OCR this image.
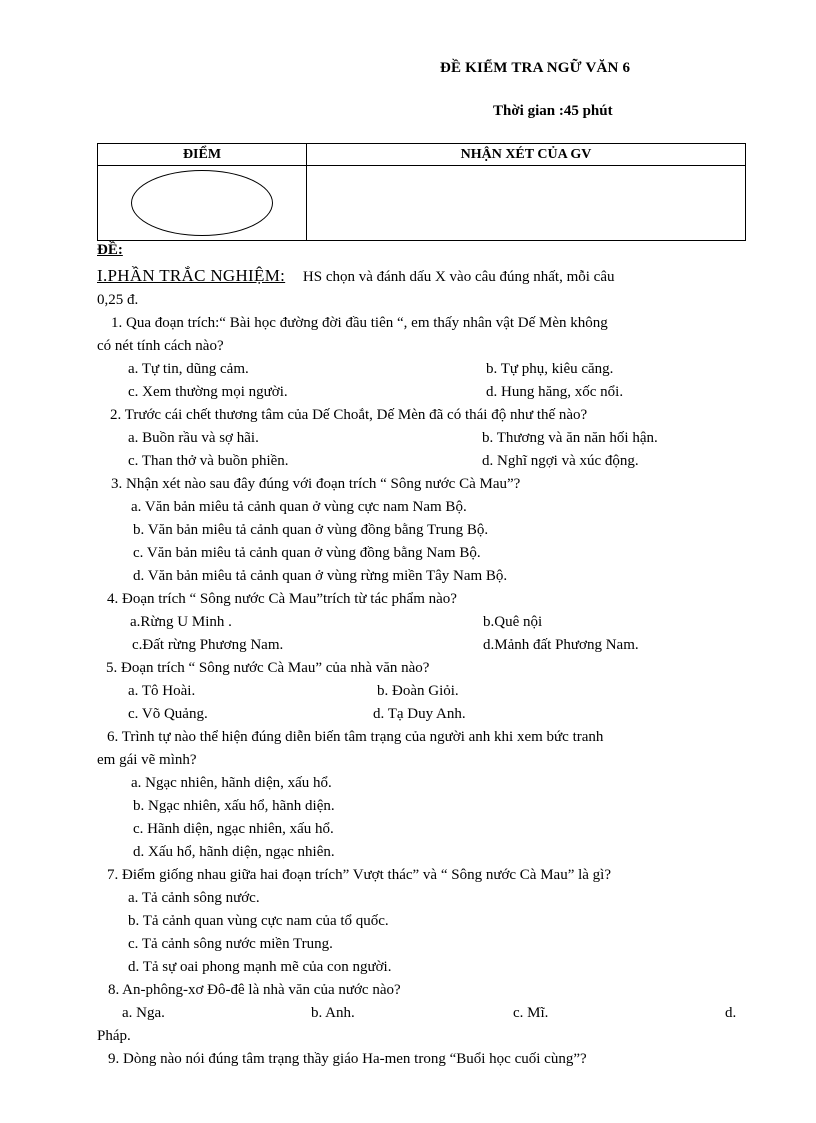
ĐỀ KIỂM TRA NGỮ VĂN 6
Thời gian :45 phút
ĐIỂM	NHẬN XÉT CỦA GV

ĐỀ:
I.PHẦN TRẮC NGHIỆM: HS chọn và đánh dấu X vào câu đúng nhất, mỗi câu
0,25 đ.
1. Qua đoạn trích:“ Bài học đường đời đầu tiên “, em thấy nhân vật Dế Mèn không
có nét tính cách nào?
a. Tự tin, dũng cảm.	b. Tự phụ, kiêu căng.
c. Xem thường mọi người.	d. Hung hăng, xốc nổi.
2. Trước cái chết thương tâm của Dế Choắt, Dế Mèn đã có thái độ như thế nào?
a. Buồn rầu và sợ hãi.	b. Thương và ăn năn hối hận.
c. Than thở và buồn phiền.	d. Nghĩ ngợi và xúc động.
3. Nhận xét nào sau đây đúng với đoạn trích “ Sông nước Cà Mau”?
a. Văn bản miêu tả cảnh quan ở vùng cực nam Nam Bộ.
b. Văn bản miêu tả cảnh quan ở vùng đồng bằng Trung Bộ.
c. Văn bản miêu tả cảnh quan ở vùng đồng bằng Nam Bộ.
d. Văn bản miêu tả cảnh quan ở vùng rừng miền Tây Nam Bộ.
4. Đoạn trích “ Sông nước Cà Mau”trích từ tác phẩm nào?
a.Rừng U Minh .	b.Quê nội
c.Đất rừng Phương Nam.	d.Mảnh đất Phương Nam.
5. Đoạn trích “ Sông nước Cà Mau” của nhà văn nào?
a. Tô Hoài.	b. Đoàn Giỏi.
c. Võ Quảng.	d. Tạ Duy Anh.
6. Trình tự nào thể hiện đúng diễn biến tâm trạng của người anh khi xem bức tranh
em gái vẽ mình?
a. Ngạc nhiên, hãnh diện, xấu hổ.
b. Ngạc nhiên, xấu hổ, hãnh diện.
c. Hãnh diện, ngạc nhiên, xấu hổ.
d. Xấu hổ, hãnh diện, ngạc nhiên.
7. Điểm giống nhau giữa hai đoạn trích” Vượt thác” và “ Sông nước Cà Mau” là gì?
a. Tả cảnh sông nước.
b. Tả cảnh quan vùng cực nam của tổ quốc.
c. Tả cảnh sông nước miền Trung.
d. Tả sự oai phong mạnh mẽ của con người.
8. An-phông-xơ Đô-đê là nhà văn của nước nào?
a. Nga.	b. Anh.	c. Mĩ.	d.
Pháp.
9. Dòng nào nói đúng tâm trạng thầy giáo Ha-men trong “Buổi học cuối cùng”?
